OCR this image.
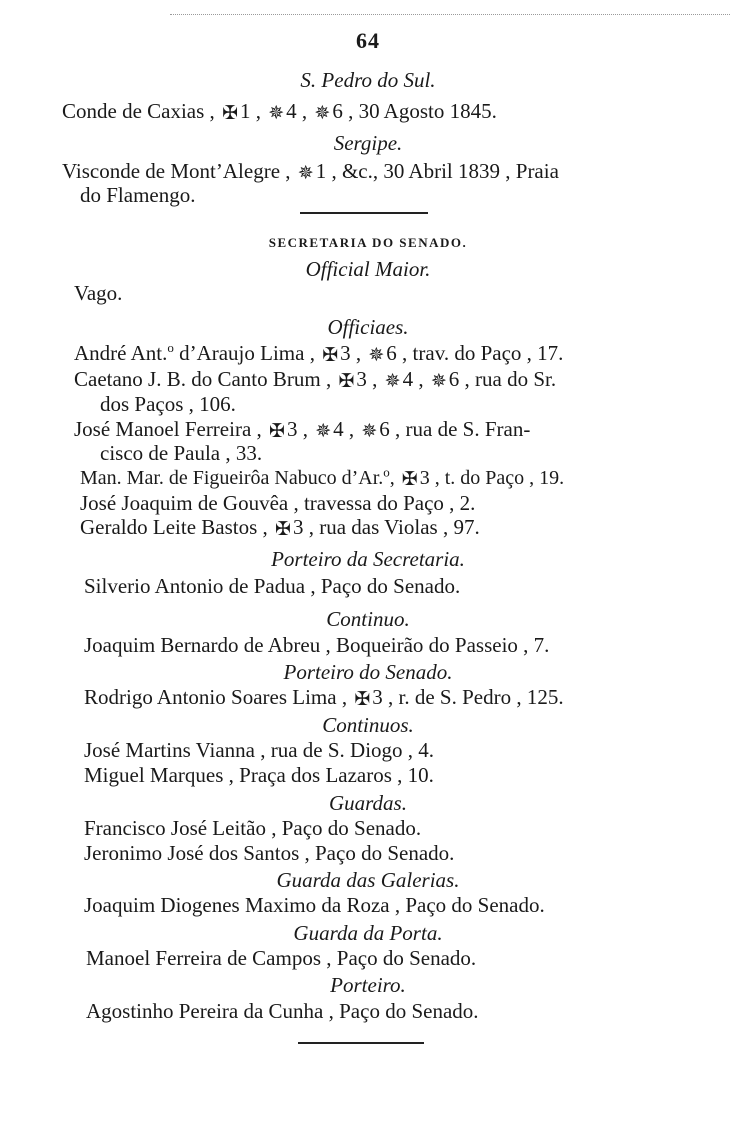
64
S. Pedro do Sul.
Conde de Caxias , ✠1 , ✵4 , ✵6 , 30 Agosto 1845.
Sergipe.
Visconde de Mont’Alegre , ✵1 , &c., 30 Abril 1839 , Praia
do Flamengo.
SECRETARIA DO SENADO.
Official Maior.
Vago.
Officiaes.
André Ant.$^o$ d’Araujo Lima , ✠3 , ✵6 , trav. do Paço , 17.
Caetano J. B. do Canto Brum , ✠3 , ✵4 , ✵6 , rua do Sr.
dos Paços , 106.
José Manoel Ferreira , ✠3 , ✵4 , ✵6 , rua de S. Fran-
cisco de Paula , 33.
Man. Mar. de Figueirôa Nabuco d’Ar.$^o$, ✠ 3 , t. do Paço , 19.
José Joaquim de Gouvêa , travessa do Paço , 2.
Geraldo Leite Bastos , ✠3 , rua das Violas , 97.
Porteiro da Secretaria.
Silverio Antonio de Padua , Paço do Senado.
Continuo.
Joaquim Bernardo de Abreu , Boqueirão do Passeio , 7.
Porteiro do Senado.
Rodrigo Antonio Soares Lima , ✠3 , r. de S. Pedro , 125.
Continuos.
José Martins Vianna , rua de S. Diogo , 4.
Miguel Marques , Praça dos Lazaros , 10.
Guardas.
Francisco José Leitão , Paço do Senado.
Jeronimo José dos Santos , Paço do Senado.
Guarda das Galerias.
Joaquim Diogenes Maximo da Roza , Paço do Senado.
Guarda da Porta.
Manoel Ferreira de Campos , Paço do Senado.
Porteiro.
Agostinho Pereira da Cunha , Paço do Senado.
